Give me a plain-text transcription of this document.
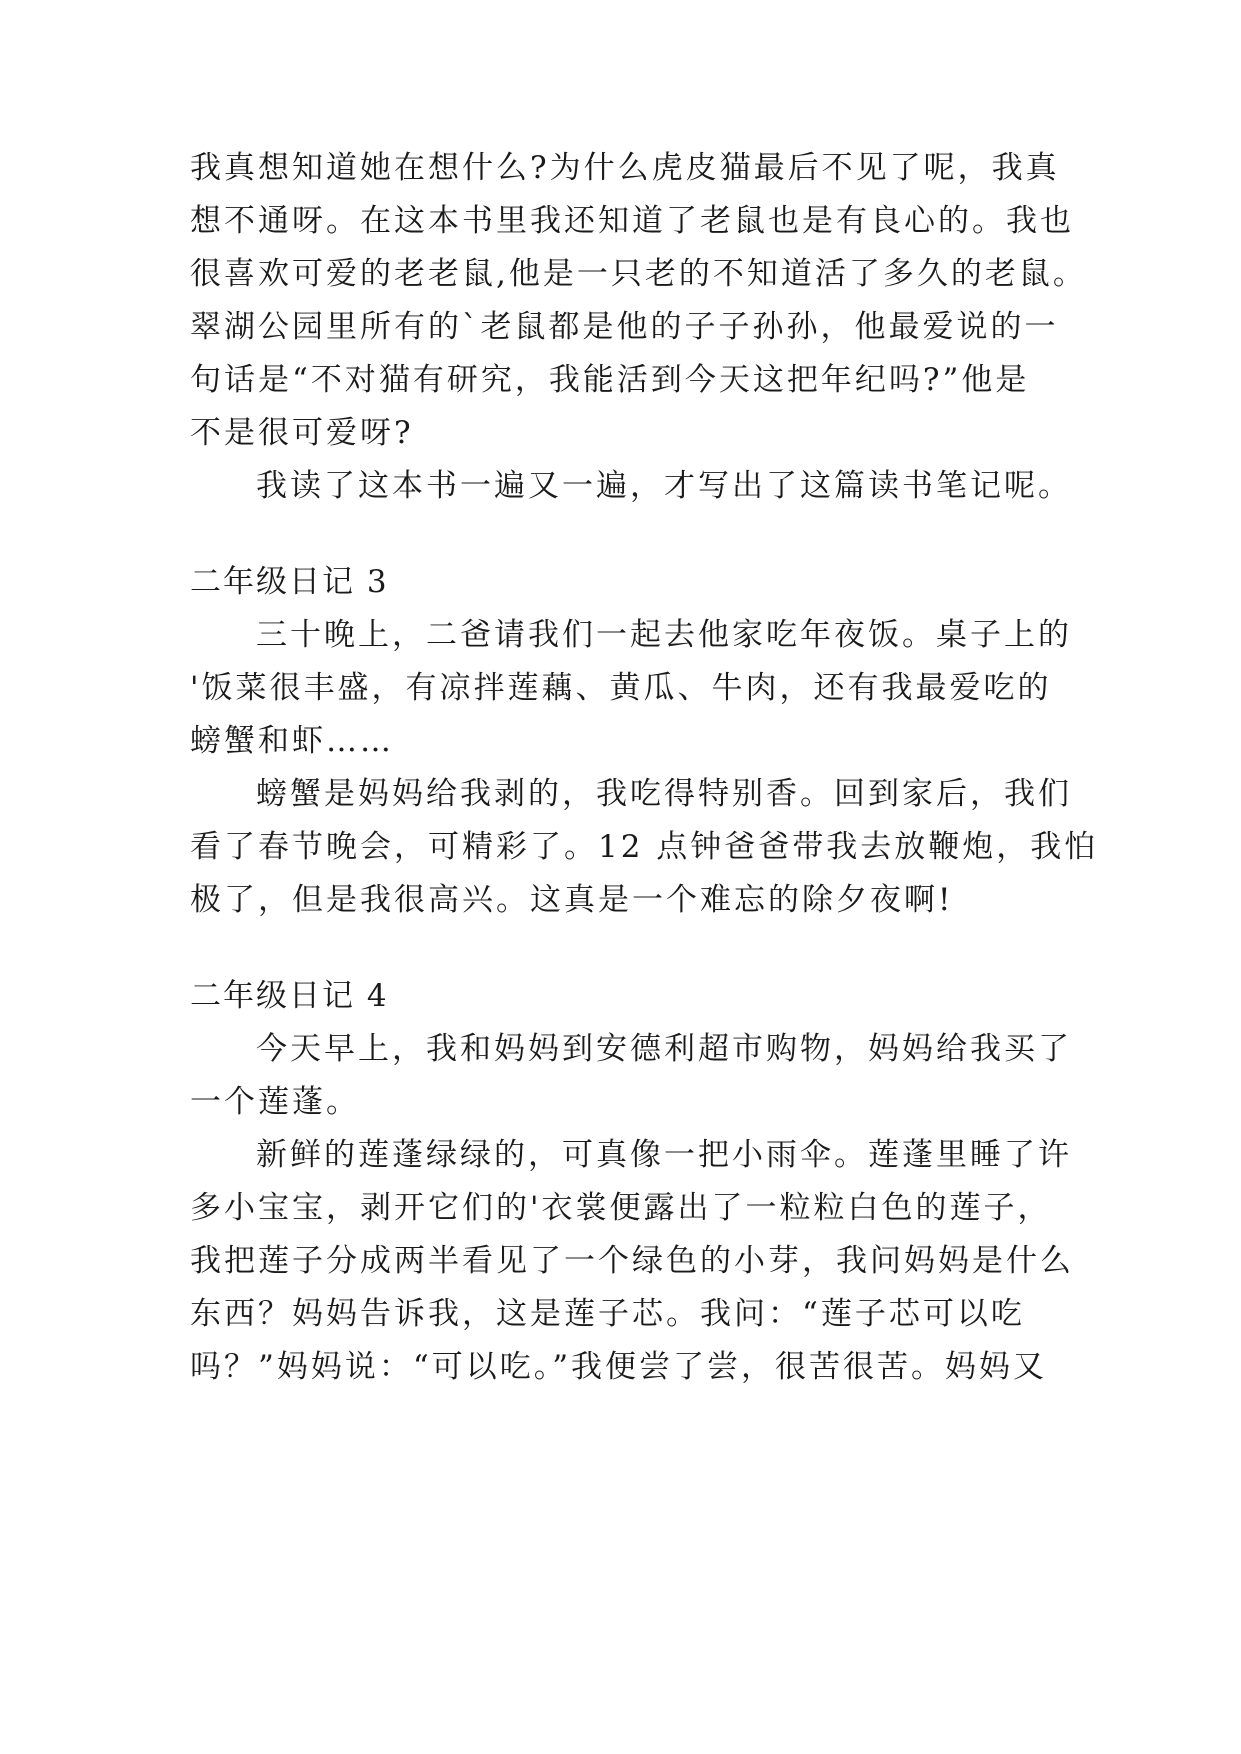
我真想知道她在想什么?为什么虎皮猫最后不见了呢，我真
想不通呀。在这本书里我还知道了老鼠也是有良心的。我也
很喜欢可爱的老老鼠,他是一只老的不知道活了多久的老鼠。
翠湖公园里所有的`老鼠都是他的子子孙孙，他最爱说的一
句话是“不对猫有研究，我能活到今天这把年纪吗?”他是
不是很可爱呀?
我读了这本书一遍又一遍，才写出了这篇读书笔记呢。
二年级日记 3
三十晚上，二爸请我们一起去他家吃年夜饭。桌子上的
'饭菜很丰盛，有凉拌莲藕、黄瓜、牛肉，还有我最爱吃的
螃蟹和虾……
螃蟹是妈妈给我剥的，我吃得特别香。回到家后，我们
看了春节晚会，可精彩了。12 点钟爸爸带我去放鞭炮，我怕
极了，但是我很高兴。这真是一个难忘的除夕夜啊!
二年级日记 4
今天早上，我和妈妈到安德利超市购物，妈妈给我买了
一个莲蓬。
新鲜的莲蓬绿绿的，可真像一把小雨伞。莲蓬里睡了许
多小宝宝，剥开它们的'衣裳便露出了一粒粒白色的莲子，
我把莲子分成两半看见了一个绿色的小芽，我问妈妈是什么
东西？妈妈告诉我，这是莲子芯。我问：“莲子芯可以吃
吗？”妈妈说：“可以吃。”我便尝了尝，很苦很苦。妈妈又
